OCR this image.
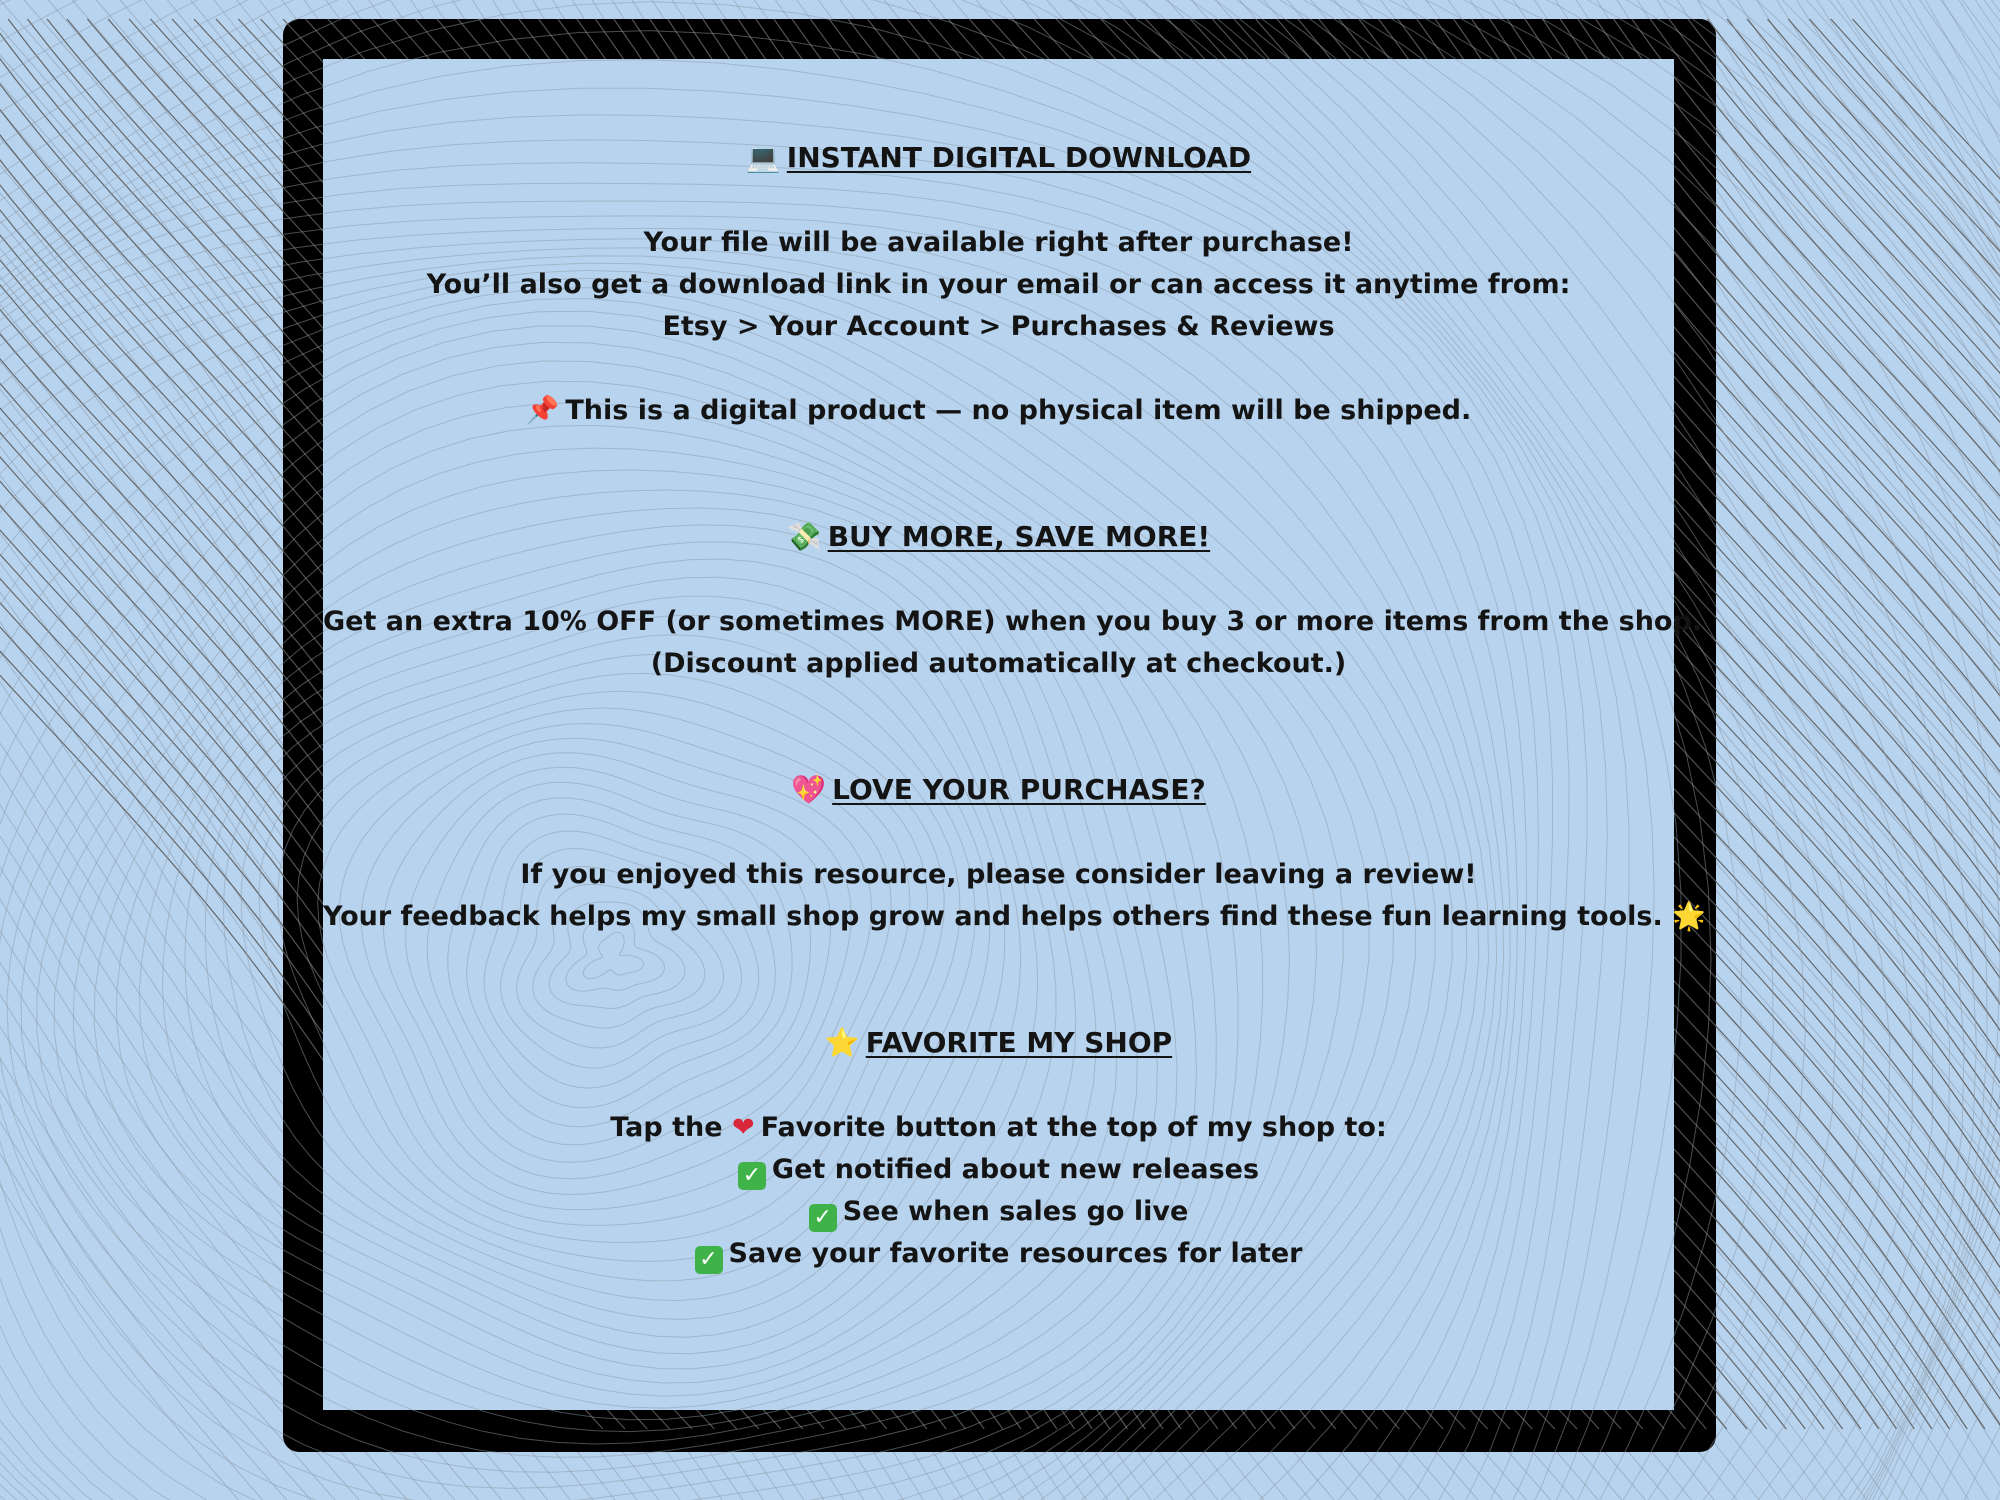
💻 INSTANT DIGITAL DOWNLOAD
Your file will be available right after purchase!
You’ll also get a download link in your email or can access it anytime from:
Etsy > Your Account > Purchases & Reviews
📌 This is a digital product — no physical item will be shipped.
💸 BUY MORE, SAVE MORE!
Get an extra 10% OFF (or sometimes MORE) when you buy 3 or more items from the shop.
(Discount applied automatically at checkout.)
💖 LOVE YOUR PURCHASE?
If you enjoyed this resource, please consider leaving a review!
Your feedback helps my small shop grow and helps others find these fun learning tools. 🌟
⭐ FAVORITE MY SHOP
Tap the ❤ Favorite button at the top of my shop to:
✓ Get notified about new releases
✓ See when sales go live
✓ Save your favorite resources for later
